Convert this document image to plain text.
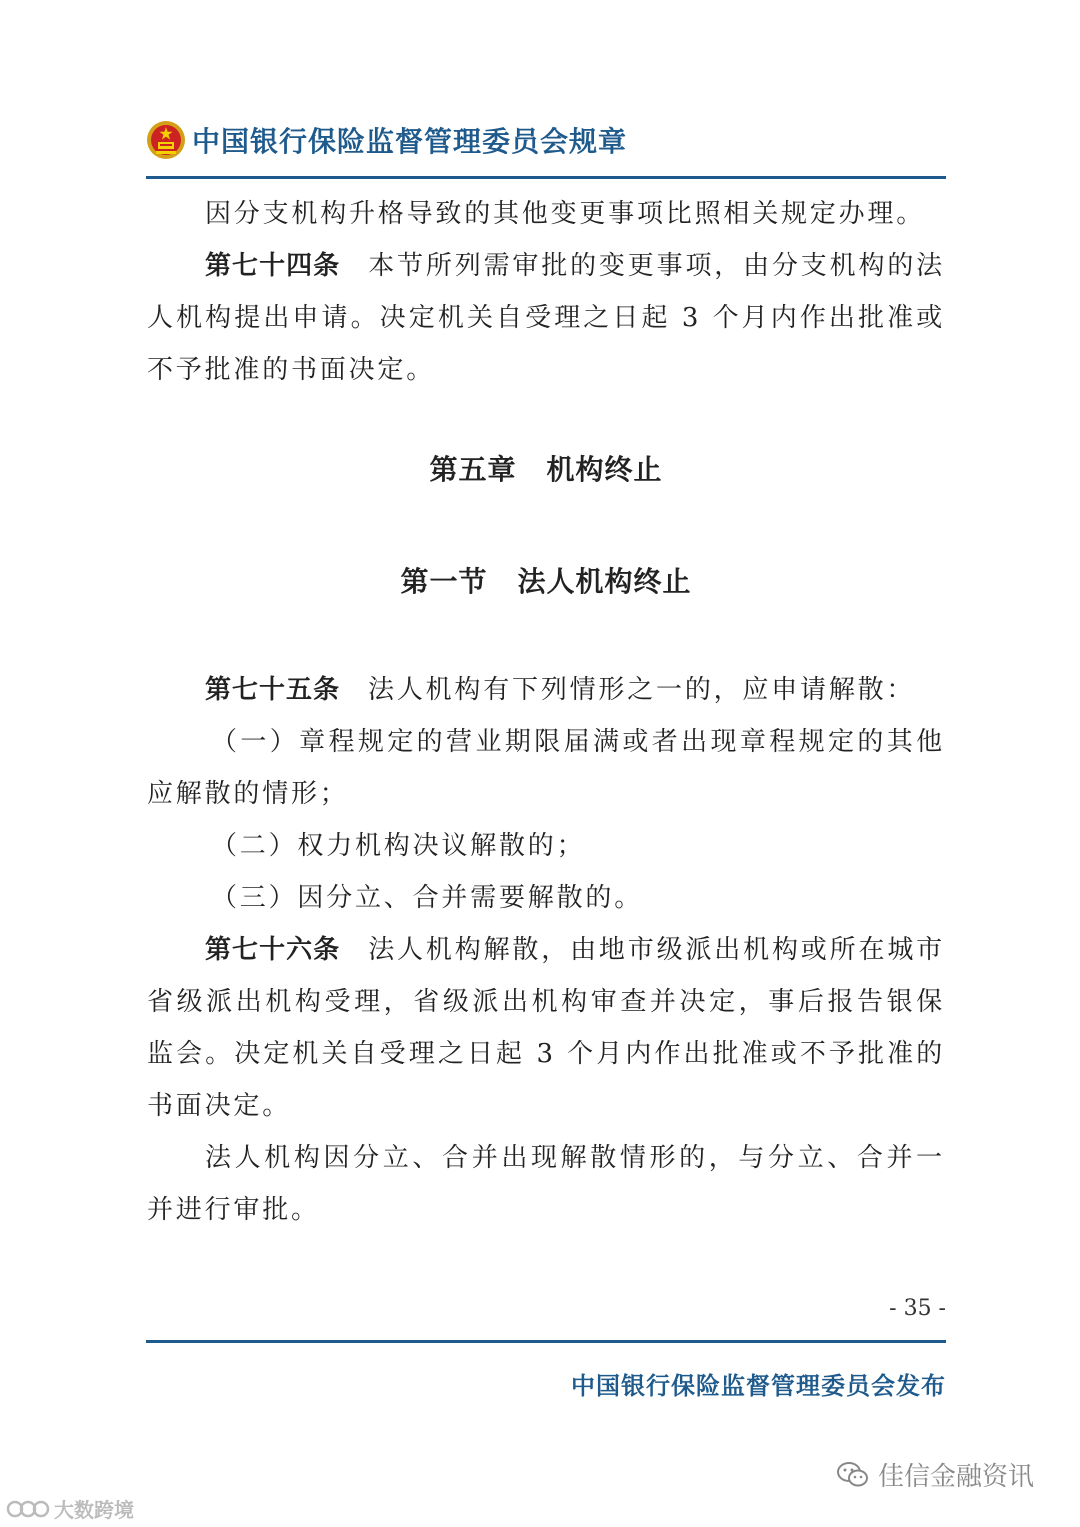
中国银行保险监督管理委员会规章

因分支机构升格导致的其他变更事项比照相关规定办理。

第七十四条 本节所列需审批的变更事项，由分支机构的法人机构提出申请。决定机关自受理之日起 3 个月内作出批准或不予批准的书面决定。

第五章 机构终止

第一节 法人机构终止

第七十五条 法人机构有下列情形之一的，应申请解散：

（一）章程规定的营业期限届满或者出现章程规定的其他应解散的情形；

（二）权力机构决议解散的；

（三）因分立、合并需要解散的。

第七十六条 法人机构解散，由地市级派出机构或所在城市省级派出机构受理，省级派出机构审查并决定，事后报告银保监会。决定机关自受理之日起 3 个月内作出批准或不予批准的书面决定。

法人机构因分立、合并出现解散情形的，与分立、合并一并进行审批。

- 35 -
中国银行保险监督管理委员会发布
佳信金融资讯
大数跨境
